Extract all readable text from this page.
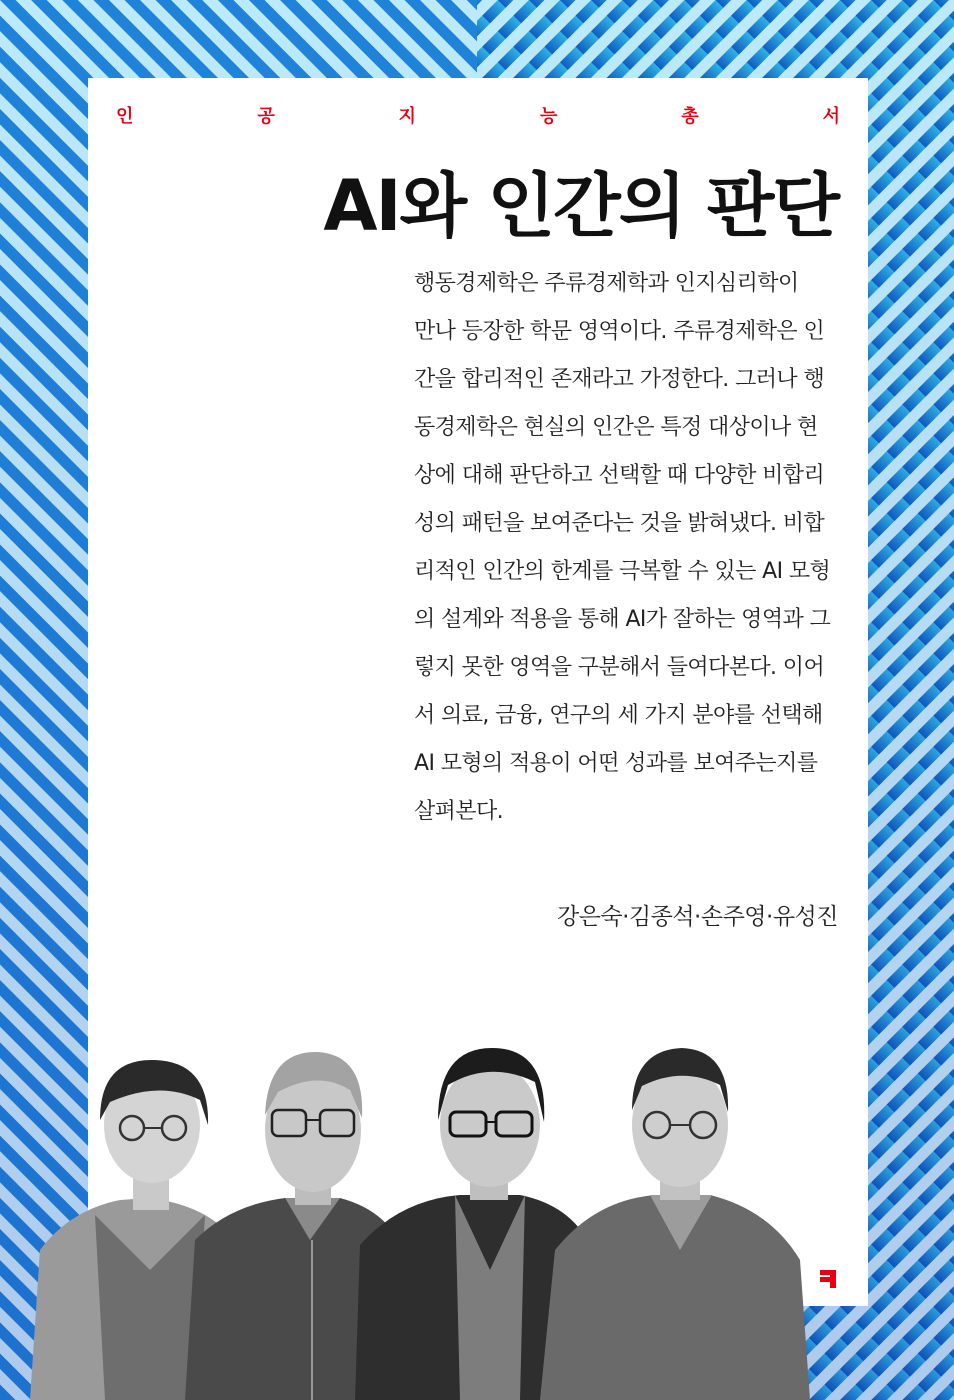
인	공	지	능	총	서
AI와 인간의 판단
행동경제학은 주류경제학과 인지심리학이
만나 등장한 학문 영역이다. 주류경제학은 인
간을 합리적인 존재라고 가정한다. 그러나 행
동경제학은 현실의 인간은 특정 대상이나 현
상에 대해 판단하고 선택할 때 다양한 비합리
성의 패턴을 보여준다는 것을 밝혀냈다. 비합
리적인 인간의 한계를 극복할 수 있는 AI 모형
의 설계와 적용을 통해 AI가 잘하는 영역과 그
렇지 못한 영역을 구분해서 들여다본다. 이어
서 의료, 금융, 연구의 세 가지 분야를 선택해
AI 모형의 적용이 어떤 성과를 보여주는지를
살펴본다.
강은숙·김종석·손주영·유성진
